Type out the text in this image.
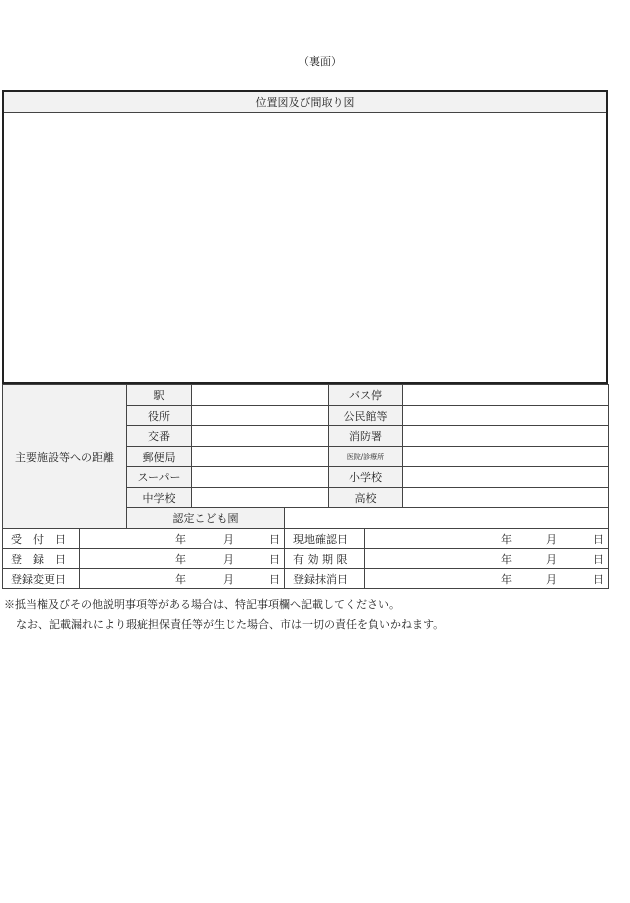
（裏面）
位置図及び間取り図
※抵当権及びその他説明事項等がある場合は、特記事項欄へ記載してください。
なお、記載漏れにより瑕疵担保責任等が生じた場合、市は一切の責任を負いかねます。
主要施設等への距離
駅	バス停
役所	公民館等
交番	消防署
郵便局	医院/診療所
スーパー	小学校
中学校	高校
認定こども園
受　付　日	年	月	日	現地確認日	年	月	日
登　録　日	年	月	日	有 効 期 限	年	月	日
登録変更日	年	月	日	登録抹消日	年	月	日
